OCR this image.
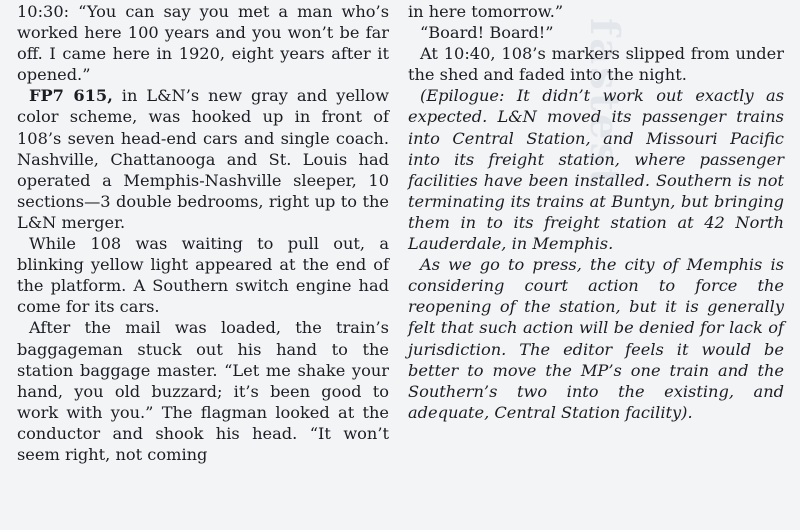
fastest

10:30: “You can say you met a man who’s worked here 100 years and you won’t be far off. I came here in 1920, eight years after it opened.”

FP7 615, in L&N’s new gray and yellow color scheme, was hooked up in front of 108’s seven head-end cars and single coach. Nashville, Chattanooga and St. Louis had operated a Memphis-Nashville sleeper, 10 sections—3 double bedrooms, right up to the L&N merger.

While 108 was waiting to pull out, a blinking yellow light appeared at the end of the platform. A Southern switch engine had come for its cars.

After the mail was loaded, the train’s baggageman stuck out his hand to the station baggage master. “Let me shake your hand, you old buzzard; it’s been good to work with you.” The flagman looked at the conductor and shook his head. “It won’t seem right, not coming

in here tomorrow.”

“Board! Board!”

At 10:40, 108’s markers slipped from under the shed and faded into the night.

(Epilogue: It didn’t work out exactly as expected. L&N moved its passenger trains into Central Station, and Missouri Pacific into its freight station, where passenger facilities have been installed. Southern is not terminating its trains at Buntyn, but bringing them in to its freight station at 42 North Lauderdale, in Memphis.

As we go to press, the city of Memphis is considering court action to force the reopening of the station, but it is generally felt that such action will be denied for lack of jurisdiction. The editor feels it would be better to move the MP’s one train and the Southern’s two into the existing, and adequate, Central Station facility).
